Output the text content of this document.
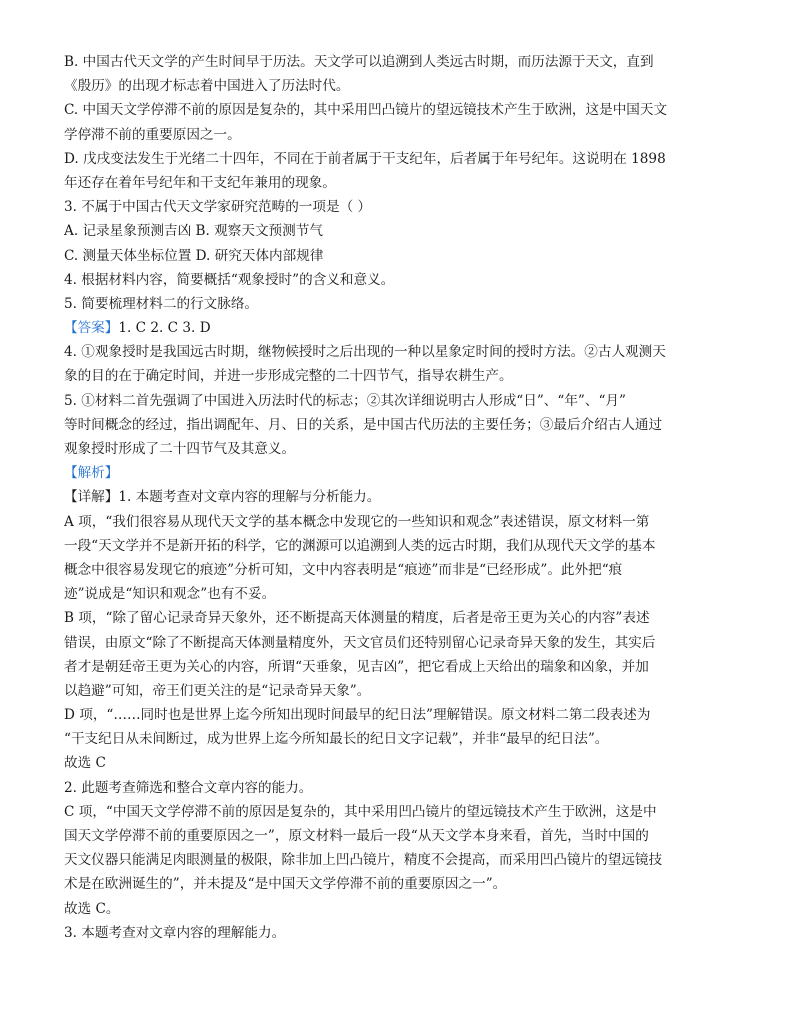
B. 中国古代天文学的产生时间早于历法。天文学可以追溯到人类远古时期，而历法源于天文，直到
《殷历》的出现才标志着中国进入了历法时代。
C. 中国天文学停滞不前的原因是复杂的，其中采用凹凸镜片的望远镜技术产生于欧洲，这是中国天文
学停滞不前的重要原因之一。
D. 戊戌变法发生于光绪二十四年，不同在于前者属于干支纪年，后者属于年号纪年。这说明在 1898
年还存在着年号纪年和干支纪年兼用的现象。
3. 不属于中国古代天文学家研究范畴的一项是（ ）
A. 记录星象预测吉凶 B. 观察天文预测节气
C. 测量天体坐标位置 D. 研究天体内部规律
4. 根据材料内容，简要概括“观象授时”的含义和意义。
5. 简要梳理材料二的行文脉络。
【答案】1. C 2. C 3. D
4. ①观象授时是我国远古时期，继物候授时之后出现的一种以星象定时间的授时方法。②古人观测天
象的目的在于确定时间，并进一步形成完整的二十四节气，指导农耕生产。
5. ①材料二首先强调了中国进入历法时代的标志；②其次详细说明古人形成“日”、“年”、“月”
等时间概念的经过，指出调配年、月、日的关系，是中国古代历法的主要任务；③最后介绍古人通过
观象授时形成了二十四节气及其意义。
【解析】
【详解】1. 本题考查对文章内容的理解与分析能力。
A 项，“我们很容易从现代天文学的基本概念中发现它的一些知识和观念”表述错误，原文材料一第
一段“天文学并不是新开拓的科学，它的渊源可以追溯到人类的远古时期，我们从现代天文学的基本
概念中很容易发现它的痕迹”分析可知，文中内容表明是“痕迹”而非是“已经形成”。此外把“痕
迹”说成是“知识和观念”也有不妥。
B 项，“除了留心记录奇异天象外，还不断提高天体测量的精度，后者是帝王更为关心的内容”表述
错误，由原文“除了不断提高天体测量精度外，天文官员们还特别留心记录奇异天象的发生，其实后
者才是朝廷帝王更为关心的内容，所谓“天垂象，见吉凶”，把它看成上天给出的瑞象和凶象，并加
以趋避”可知，帝王们更关注的是“记录奇异天象”。
D 项，“……同时也是世界上迄今所知出现时间最早的纪日法”理解错误。原文材料二第二段表述为
“干支纪日从未间断过，成为世界上迄今所知最长的纪日文字记载”，并非“最早的纪日法”。
故选 C
2. 此题考查筛选和整合文章内容的能力。
C 项，“中国天文学停滞不前的原因是复杂的，其中采用凹凸镜片的望远镜技术产生于欧洲，这是中
国天文学停滞不前的重要原因之一”，原文材料一最后一段“从天文学本身来看，首先，当时中国的
天文仪器只能满足肉眼测量的极限，除非加上凹凸镜片，精度不会提高，而采用凹凸镜片的望远镜技
术是在欧洲诞生的”，并未提及“是中国天文学停滞不前的重要原因之一”。
故选 C。
3. 本题考查对文章内容的理解能力。
